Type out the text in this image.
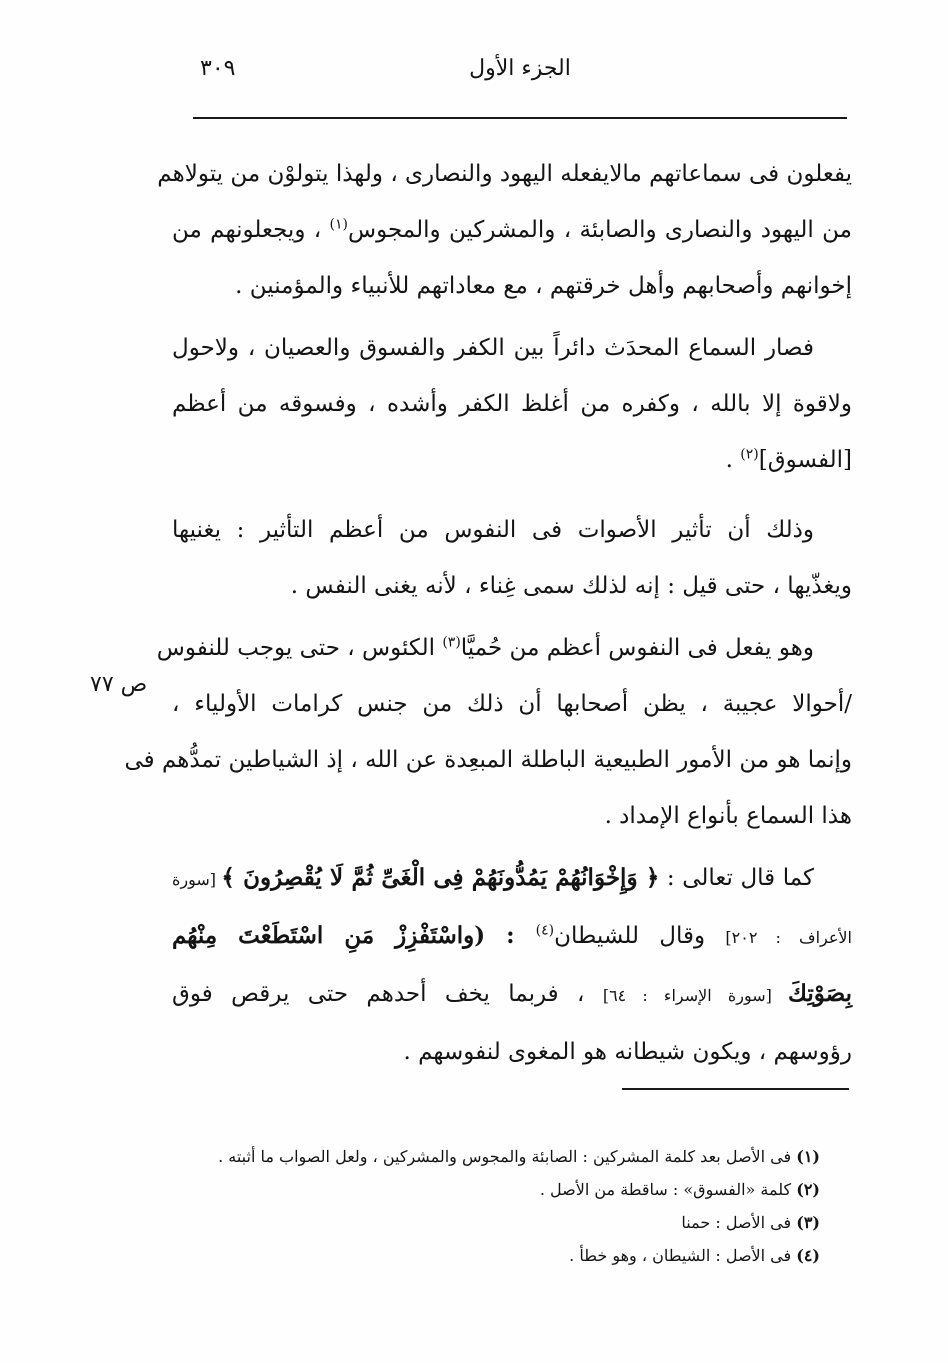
الجزء الأول
٣٠٩
ص ٧٧
يفعلون فى سماعاتهم مالايفعله اليهود والنصارى ، ولهذا يتولوْن من يتولاهم
من اليهود والنصارى والصابئة ، والمشركين والمجوس$^{(١)}$ ، ويجعلونهم من
إخوانهم وأصحابهم وأهل خرقتهم ، مع معاداتهم للأنبياء والمؤمنين .
فصار السماع المحدَث دائراً بين الكفر والفسوق والعصيان ، ولاحول
ولاقوة إلا بالله ، وكفره من أغلظ الكفر وأشده ، وفسوقه من أعظم
[الفسوق]$^{(٢)}$ .
وذلك أن تأثير الأصوات فى النفوس من أعظم التأثير : يغنيها
ويغذّيها ، حتى قيل : إنه لذلك سمى غِناء ، لأنه يغنى النفس .
وهو يفعل فى النفوس أعظم من حُميَّا$^{(٣)}$ الكئوس ، حتى يوجب للنفوس
/أحوالا عجيبة ، يظن أصحابها أن ذلك من جنس كرامات الأولياء ،
وإنما هو من الأمور الطبيعية الباطلة المبعِدة عن الله ، إذ الشياطين تمدُّهم فى
هذا السماع بأنواع الإمداد .
كما قال تعالى : ﴿ وَإِخْوَانُهُمْ يَمُدُّونَهُمْ فِى الْغَىِّ ثُمَّ لَا يُقْصِرُونَ ﴾ [سورة
الأعراف : ٢٠٢] وقال للشيطان$^{(٤)}$ : (واسْتَفْزِزْ مَنِ اسْتَطَعْتَ مِنْهُم
بِصَوْتِكَ [سورة الإسراء : ٦٤] ، فربما يخف أحدهم حتى يرقص فوق
رؤوسهم ، ويكون شيطانه هو المغوى لنفوسهم .
(١) فى الأصل بعد كلمة المشركين : الصابئة والمجوس والمشركين ، ولعل الصواب ما أثبته .
(٢) كلمة «الفسوق» : ساقطة من الأصل .
(٣) فى الأصل : حمنا
(٤) فى الأصل : الشيطان ، وهو خطأ .
